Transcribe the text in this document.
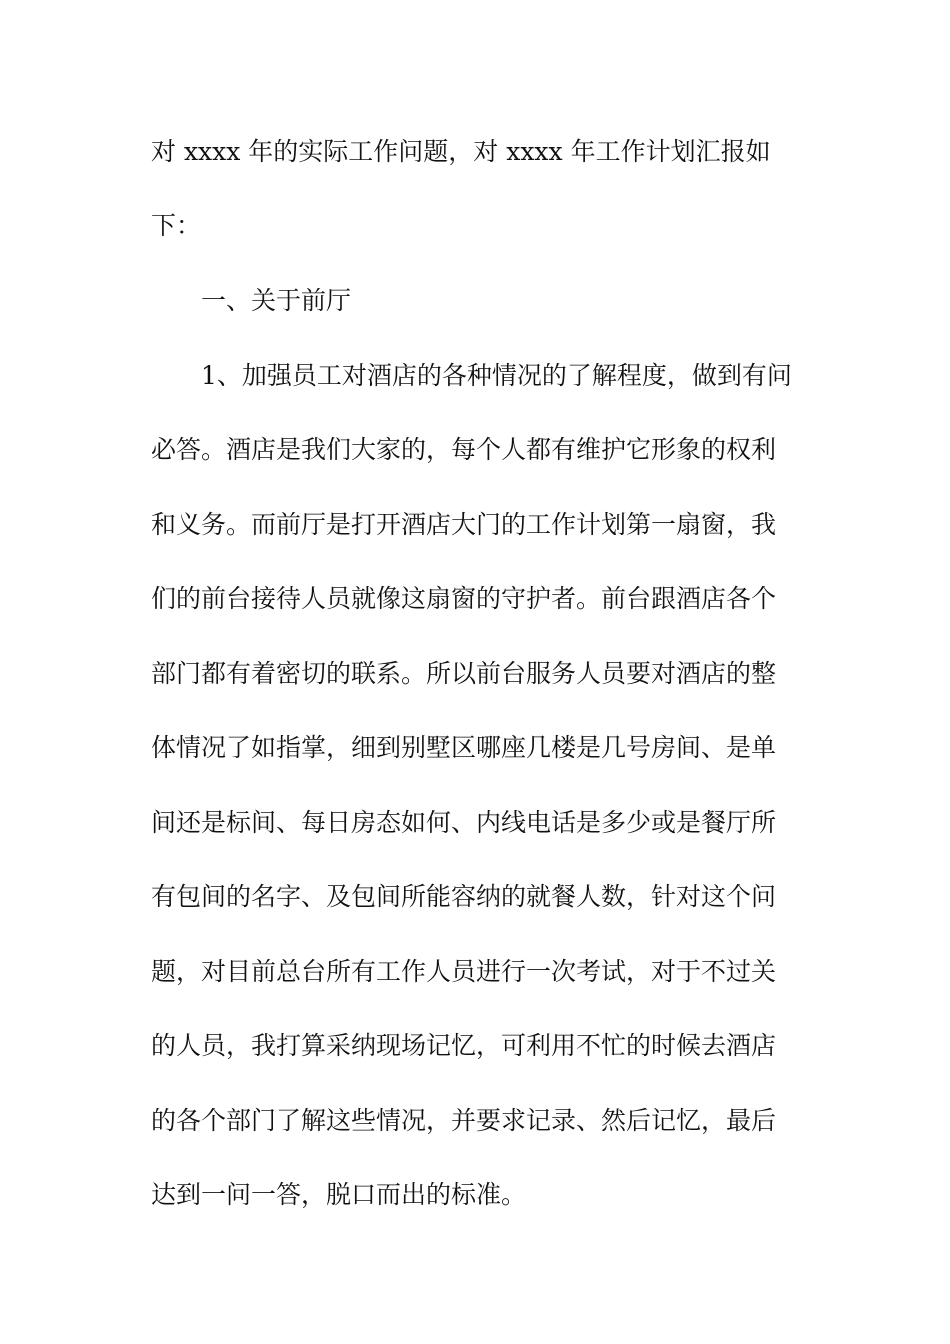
对 xxxx 年的实际工作问题，对 xxxx 年工作计划汇报如
下：
一、关于前厅
1、加强员工对酒店的各种情况的了解程度，做到有问
必答。酒店是我们大家的，每个人都有维护它形象的权利
和义务。而前厅是打开酒店大门的工作计划第一扇窗，我
们的前台接待人员就像这扇窗的守护者。前台跟酒店各个
部门都有着密切的联系。所以前台服务人员要对酒店的整
体情况了如指掌，细到别墅区哪座几楼是几号房间、是单
间还是标间、每日房态如何、内线电话是多少或是餐厅所
有包间的名字、及包间所能容纳的就餐人数，针对这个问
题，对目前总台所有工作人员进行一次考试，对于不过关
的人员，我打算采纳现场记忆，可利用不忙的时候去酒店
的各个部门了解这些情况，并要求记录、然后记忆，最后
达到一问一答，脱口而出的标准。
